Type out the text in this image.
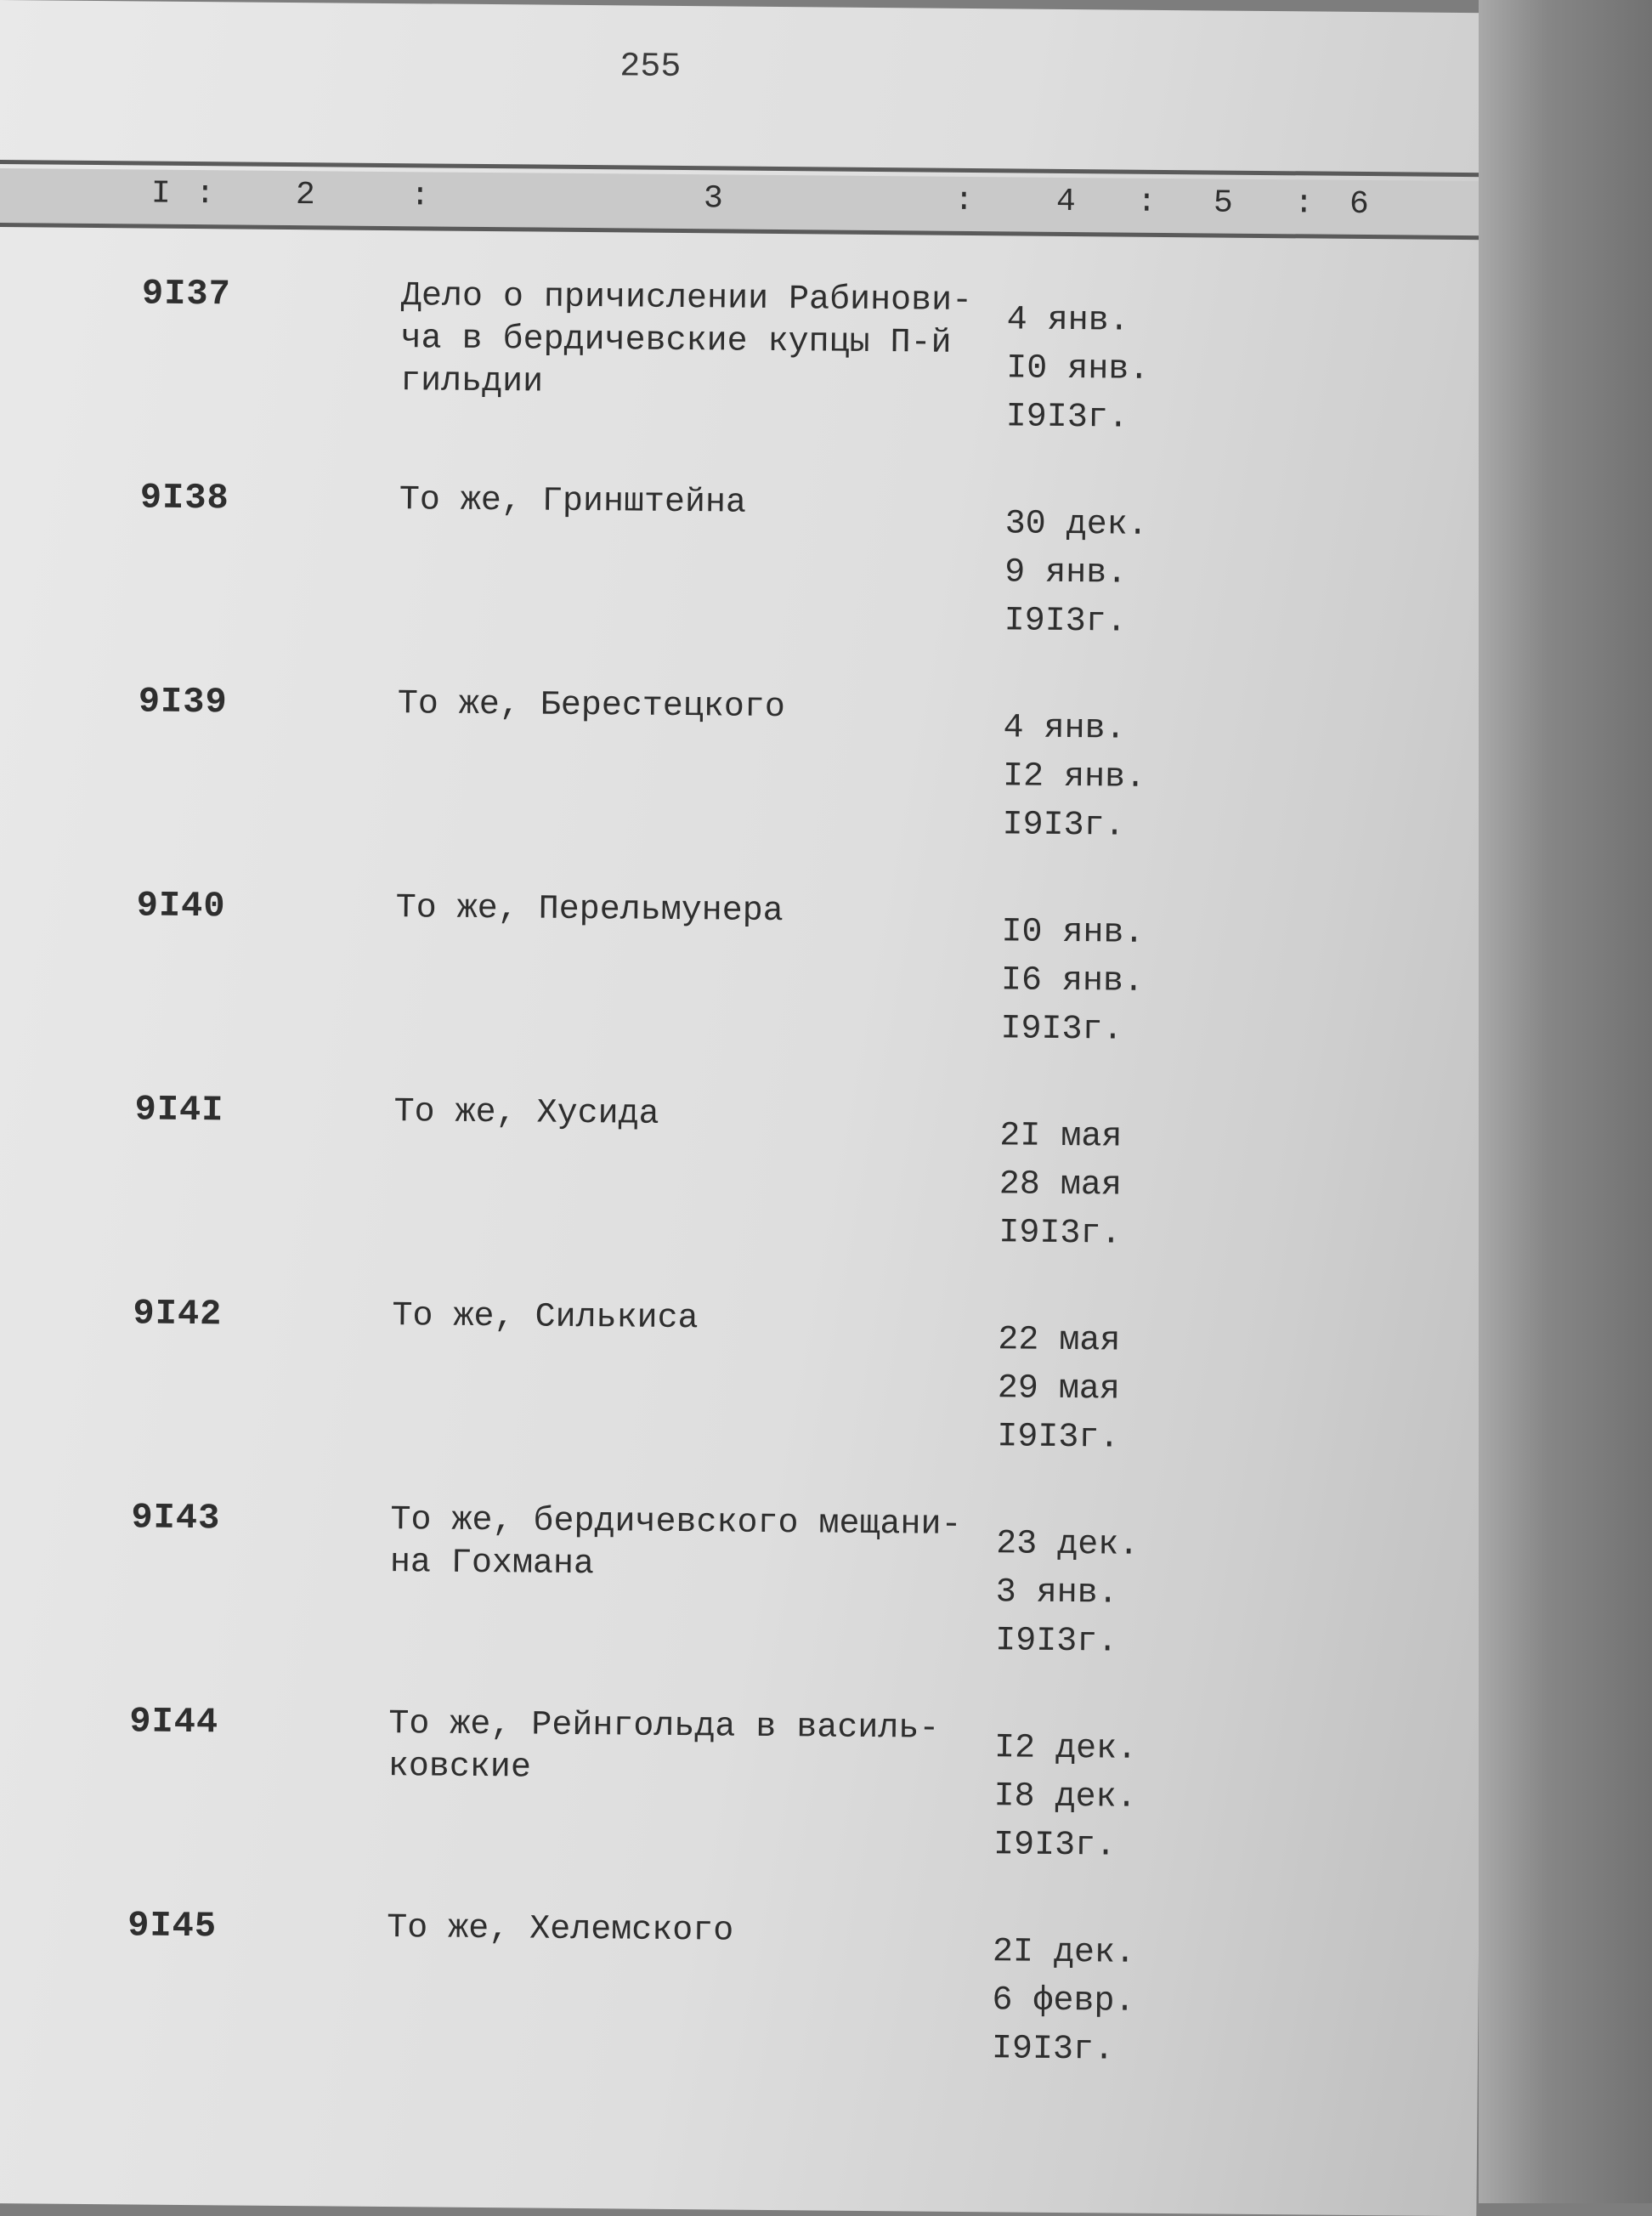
255
I : 2	:	3	:	4 : 5 : 6
9I37	Дело о причислении Рабинови-
ча в бердичевские купцы П-й
гильдии
4 янв.
I0 янв.
I9I3г.
9I38	То же, Гринштейна
30 дек.
9 янв.
I9I3г.
9I39	То же, Берестецкого
4 янв.
I2 янв.
I9I3г.
9I40	То же, Перельмунера
I0 янв.
I6 янв.
I9I3г.
9I4I	То же, Хусида
2I мая
28 мая
I9I3г.
9I42	То же, Силькиса
22 мая
29 мая
I9I3г.
9I43	То же, бердичевского мещани-
на Гохмана	23 дек.
3 янв.
I9I3г.
9I44	То же, Рейнгольда в василь-
ковские	I2 дек.
I8 дек.
I9I3г.
9I45	То же, Хелемского
2I дек.
6 февр.
I9I3г.
